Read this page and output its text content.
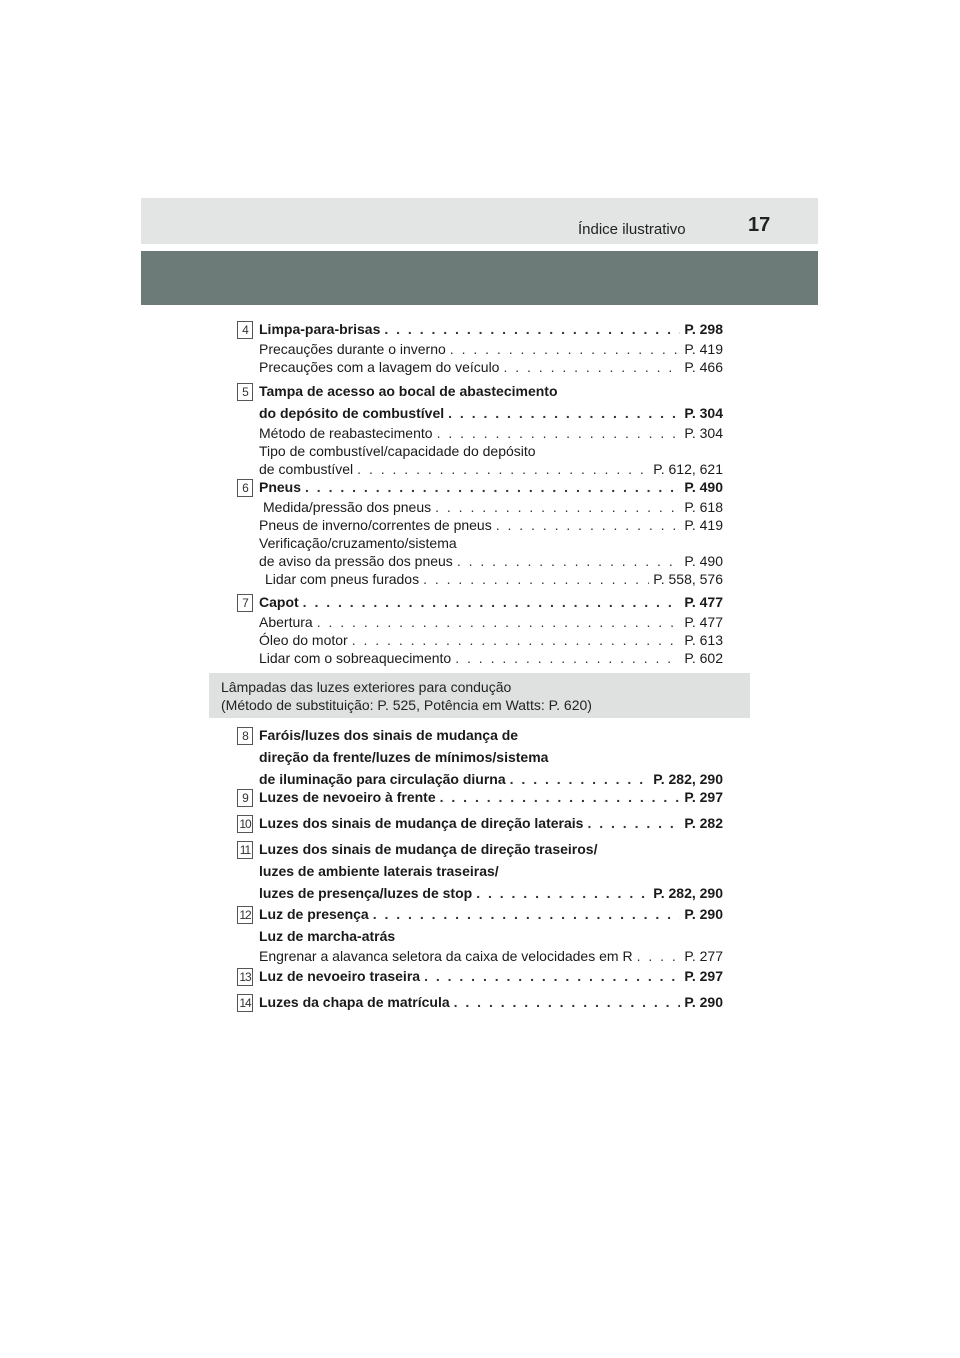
Índice ilustrativo	17
4 Limpa-para-brisas . . .	P. 298
Precauções durante o inverno . . .	P. 419
Precauções com a lavagem do veículo . . .	P. 466
5 Tampa de acesso ao bocal de abastecimento
do depósito de combustível . . .	P. 304
Método de reabastecimento . . .	P. 304
Tipo de combustível/capacidade do depósito
de combustível . . .	P. 612, 621
6 Pneus . . .	P. 490
Medida/pressão dos pneus . . .	P. 618
Pneus de inverno/correntes de pneus . . .	P. 419
Verificação/cruzamento/sistema
de aviso da pressão dos pneus . . .	P. 490
Lidar com pneus furados . . .	P. 558, 576
7 Capot . . .	P. 477
Abertura . . .	P. 477
Óleo do motor . . .	P. 613
Lidar com o sobreaquecimento . . .	P. 602
8 Faróis/luzes dos sinais de mudança de
direção da frente/luzes de mínimos/sistema
de iluminação para circulação diurna . . .	P. 282, 290
9 Luzes de nevoeiro à frente . . .	P. 297
10 Luzes dos sinais de mudança de direção laterais . . .	P. 282
11 Luzes dos sinais de mudança de direção traseiros/
luzes de ambiente laterais traseiras/
luzes de presença/luzes de stop . . .	P. 282, 290
12 Luz de presença . . .	P. 290
Luz de marcha-atrás
Engrenar a alavanca seletora da caixa de velocidades em R . . .	P. 277
13 Luz de nevoeiro traseira . . .	P. 297
14 Luzes da chapa de matrícula . . .	P. 290
Lâmpadas das luzes exteriores para condução
(Método de substituição: P. 525, Potência em Watts: P. 620)
